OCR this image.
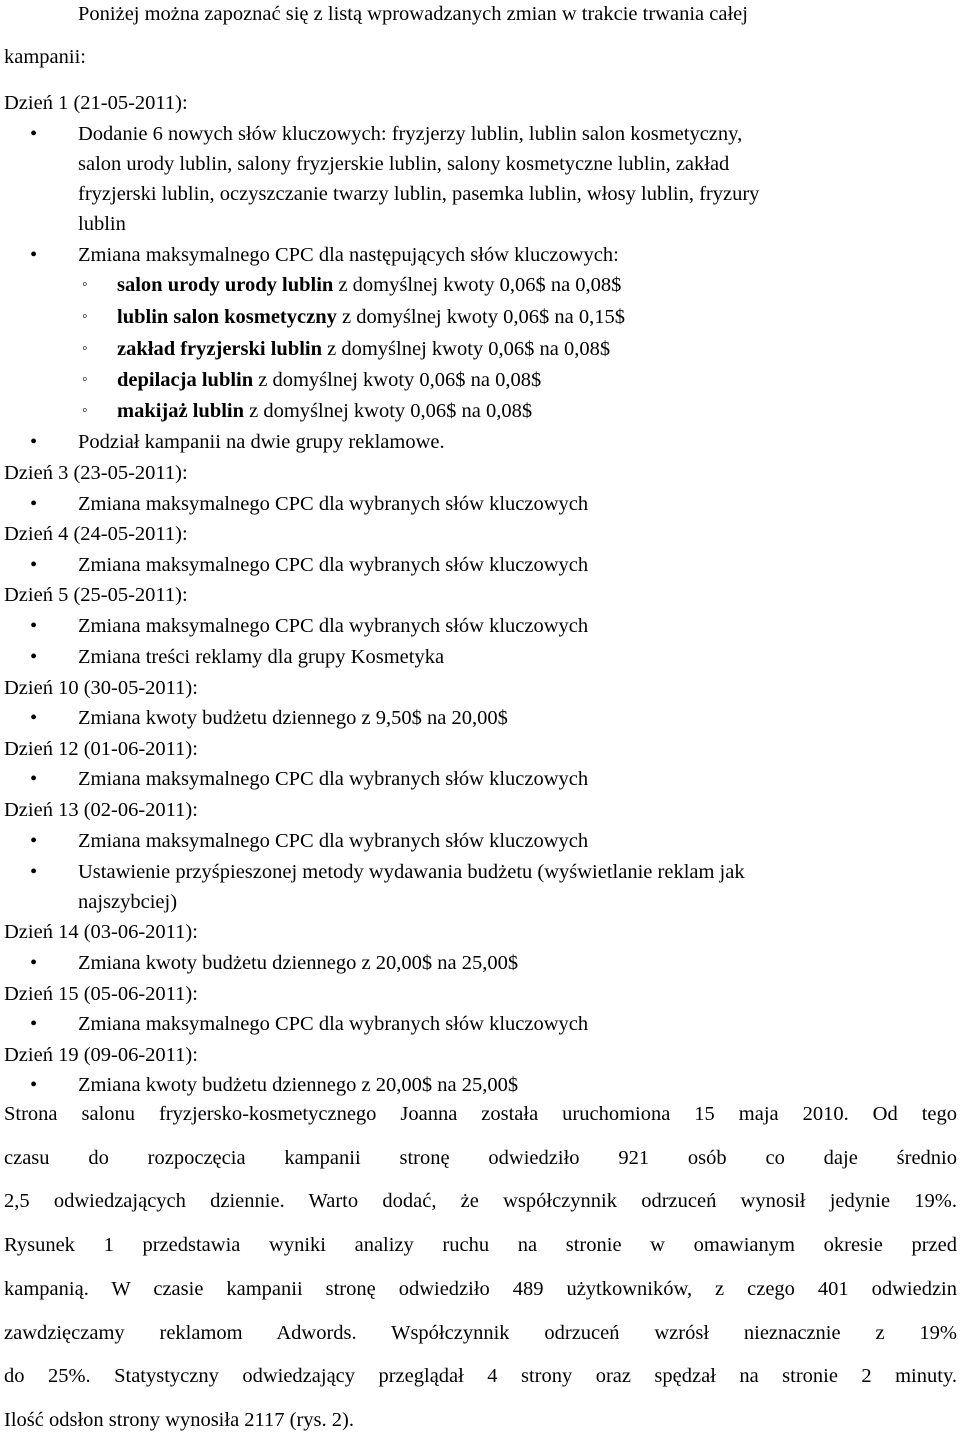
Poniżej można zapoznać się z listą wprowadzanych zmian w trakcie trwania całej
kampanii:
Dzień 1 (21-05-2011):
•	Dodanie 6 nowych słów kluczowych: fryzjerzy lublin, lublin salon kosmetyczny,
salon urody lublin, salony fryzjerskie lublin, salony kosmetyczne lublin, zakład
fryzjerski lublin, oczyszczanie twarzy lublin, pasemka lublin, włosy lublin, fryzury
lublin
•	Zmiana maksymalnego CPC dla następujących słów kluczowych:
◦	salon urody urody lublin z domyślnej kwoty 0,06$ na 0,08$
◦	lublin salon kosmetyczny z domyślnej kwoty 0,06$ na 0,15$
◦	zakład fryzjerski lublin z domyślnej kwoty 0,06$ na 0,08$
◦	depilacja lublin z domyślnej kwoty 0,06$ na 0,08$
◦	makijaż lublin z domyślnej kwoty 0,06$ na 0,08$
•	Podział kampanii na dwie grupy reklamowe.
Dzień 3 (23-05-2011):
•	Zmiana maksymalnego CPC dla wybranych słów kluczowych
Dzień 4 (24-05-2011):
•	Zmiana maksymalnego CPC dla wybranych słów kluczowych
Dzień 5 (25-05-2011):
•	Zmiana maksymalnego CPC dla wybranych słów kluczowych
•	Zmiana treści reklamy dla grupy Kosmetyka
Dzień 10 (30-05-2011):
•	Zmiana kwoty budżetu dziennego z 9,50$ na 20,00$
Dzień 12 (01-06-2011):
•	Zmiana maksymalnego CPC dla wybranych słów kluczowych
Dzień 13 (02-06-2011):
•	Zmiana maksymalnego CPC dla wybranych słów kluczowych
•	Ustawienie przyśpieszonej metody wydawania budżetu (wyświetlanie reklam jak
najszybciej)
Dzień 14 (03-06-2011):
•	Zmiana kwoty budżetu dziennego z 20,00$ na 25,00$
Dzień 15 (05-06-2011):
•	Zmiana maksymalnego CPC dla wybranych słów kluczowych
Dzień 19 (09-06-2011):
•	Zmiana kwoty budżetu dziennego z 20,00$ na 25,00$
Strona salonu fryzjersko-kosmetycznego Joanna została uruchomiona 15 maja 2010. Od tego
czasu do rozpoczęcia kampanii stronę odwiedziło 921 osób co daje średnio
2,5 odwiedzających dziennie. Warto dodać, że współczynnik odrzuceń wynosił jedynie 19%.
Rysunek 1 przedstawia wyniki analizy ruchu na stronie w omawianym okresie przed
kampanią. W czasie kampanii stronę odwiedziło 489 użytkowników, z czego 401 odwiedzin
zawdzięczamy reklamom Adwords. Współczynnik odrzuceń wzrósł nieznacznie z 19%
do 25%. Statystyczny odwiedzający przeglądał 4 strony oraz spędzał na stronie 2 minuty.
Ilość odsłon strony wynosiła 2117 (rys. 2).
